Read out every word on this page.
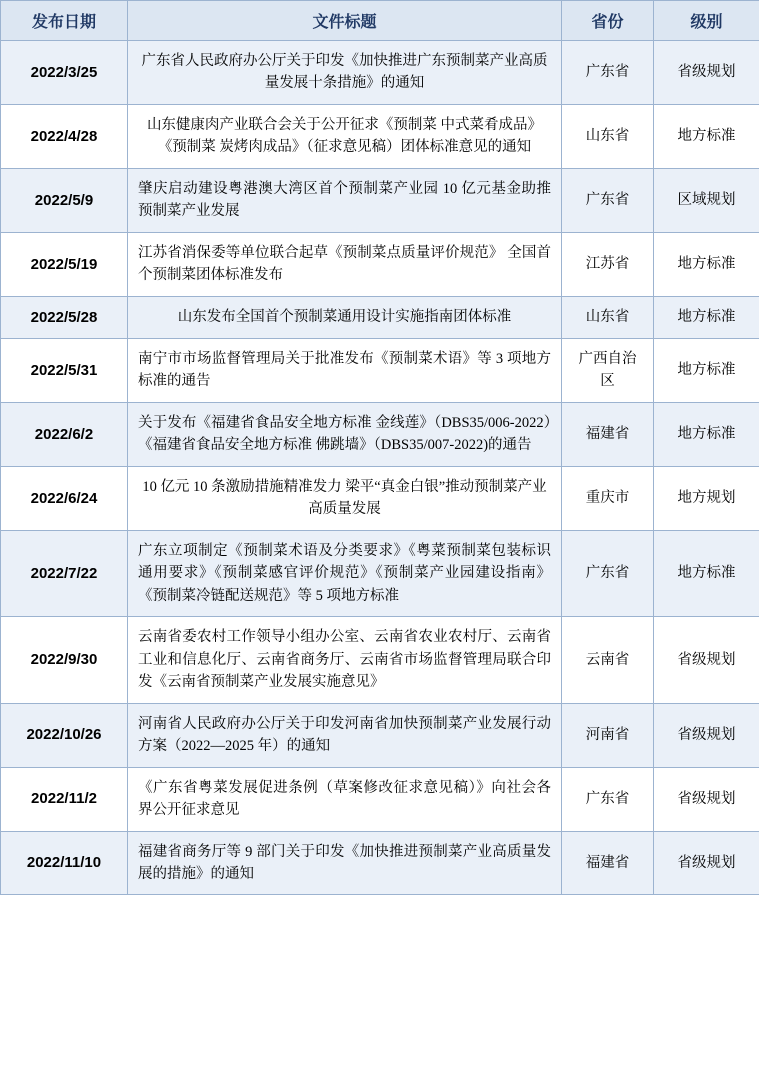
发布日期	文件标题	省份	级别
2022/3/25	广东省人民政府办公厅关于印发《加快推进广东预制菜产业高质量发展十条措施》的通知	广东省	省级规划
2022/4/28	山东健康肉产业联合会关于公开征求《预制菜 中式菜肴成品》《预制菜 炭烤肉成品》（征求意见稿）团体标准意见的通知	山东省	地方标准
2022/5/9	肇庆启动建设粤港澳大湾区首个预制菜产业园 10 亿元基金助推预制菜产业发展	广东省	区域规划
2022/5/19	江苏省消保委等单位联合起草《预制菜点质量评价规范》 全国首个预制菜团体标准发布	江苏省	地方标准
2022/5/28	山东发布全国首个预制菜通用设计实施指南团体标准	山东省	地方标准
2022/5/31	南宁市市场监督管理局关于批准发布《预制菜术语》等 3 项地方标准的通告	广西自治区	地方标准
2022/6/2	关于发布《福建省食品安全地方标准 金线莲》（DBS35/006-2022）《福建省食品安全地方标准 佛跳墙》（DBS35/007-2022)的通告	福建省	地方标准
2022/6/24	10 亿元 10 条激励措施精准发力 梁平“真金白银”推动预制菜产业高质量发展	重庆市	地方规划
2022/7/22	广东立项制定《预制菜术语及分类要求》《粤菜预制菜包装标识通用要求》《预制菜感官评价规范》《预制菜产业园建设指南》《预制菜冷链配送规范》等 5 项地方标准	广东省	地方标准
2022/9/30	云南省委农村工作领导小组办公室、云南省农业农村厅、云南省工业和信息化厅、云南省商务厅、云南省市场监督管理局联合印发《云南省预制菜产业发展实施意见》	云南省	省级规划
2022/10/26	河南省人民政府办公厅关于印发河南省加快预制菜产业发展行动方案（2022—2025 年）的通知	河南省	省级规划
2022/11/2	《广东省粤菜发展促进条例（草案修改征求意见稿）》向社会各界公开征求意见	广东省	省级规划
2022/11/10	福建省商务厅等 9 部门关于印发《加快推进预制菜产业高质量发展的措施》的通知	福建省	省级规划
